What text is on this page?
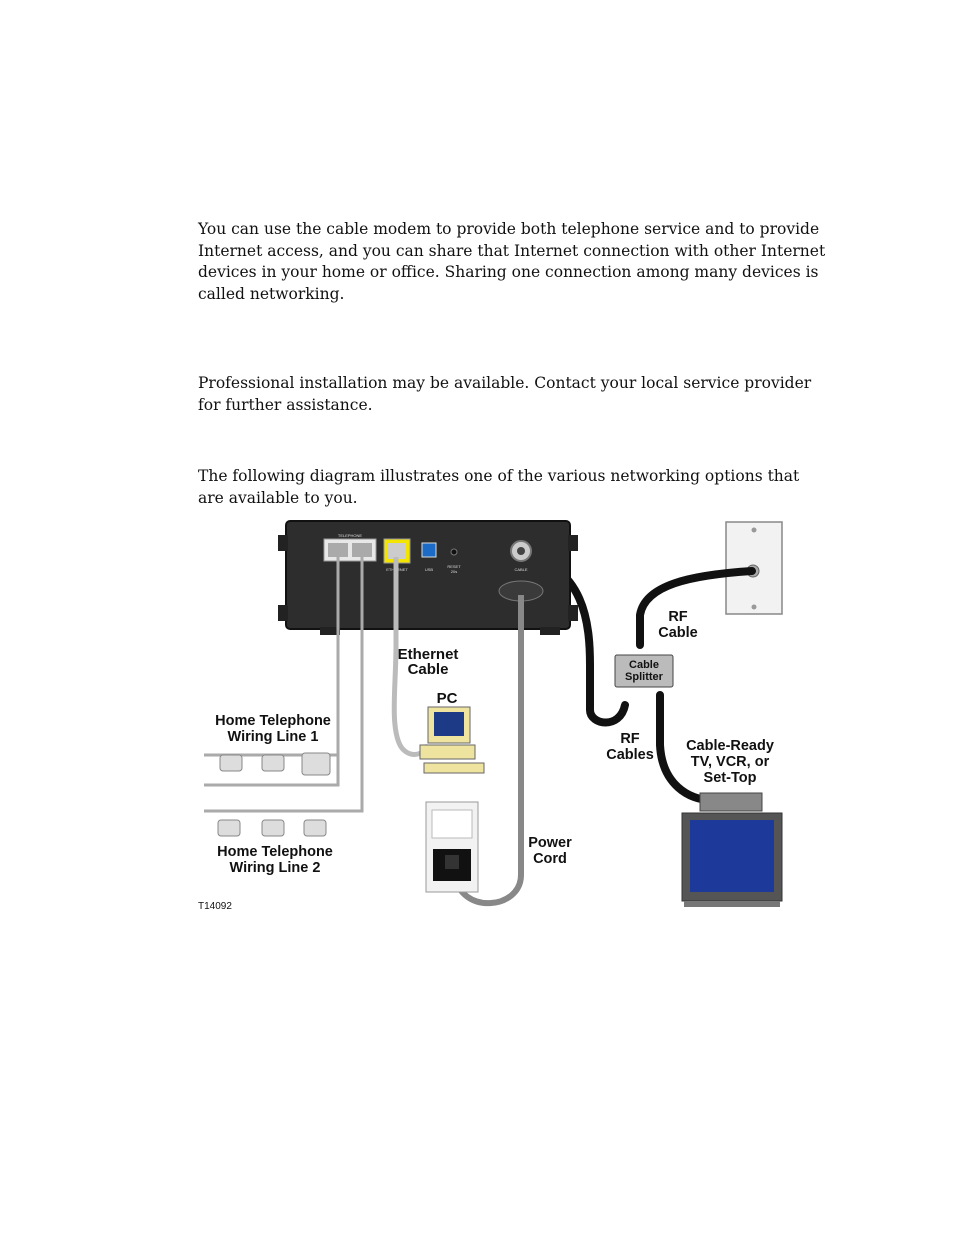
You can use the cable modem to provide both telephone service and to provide Internet access, and you can share that Internet connection with other Internet devices in your home or office. Sharing one connection among many devices is called networking.

Professional installation may be available. Contact your local service provider for further assistance.

The following diagram illustrates one of the various networking options that are available to you.

TELEPHONE
ETHERNET	USB
RESET
20s	CABLE
Cable
Splitter
Ethernet
Cable
PC
Home Telephone
Wiring Line 1
Home Telephone
Wiring Line 2
Power
Cord
RF
Cable
RF
Cables
Cable-Ready
TV, VCR, or
Set-Top
T14092
